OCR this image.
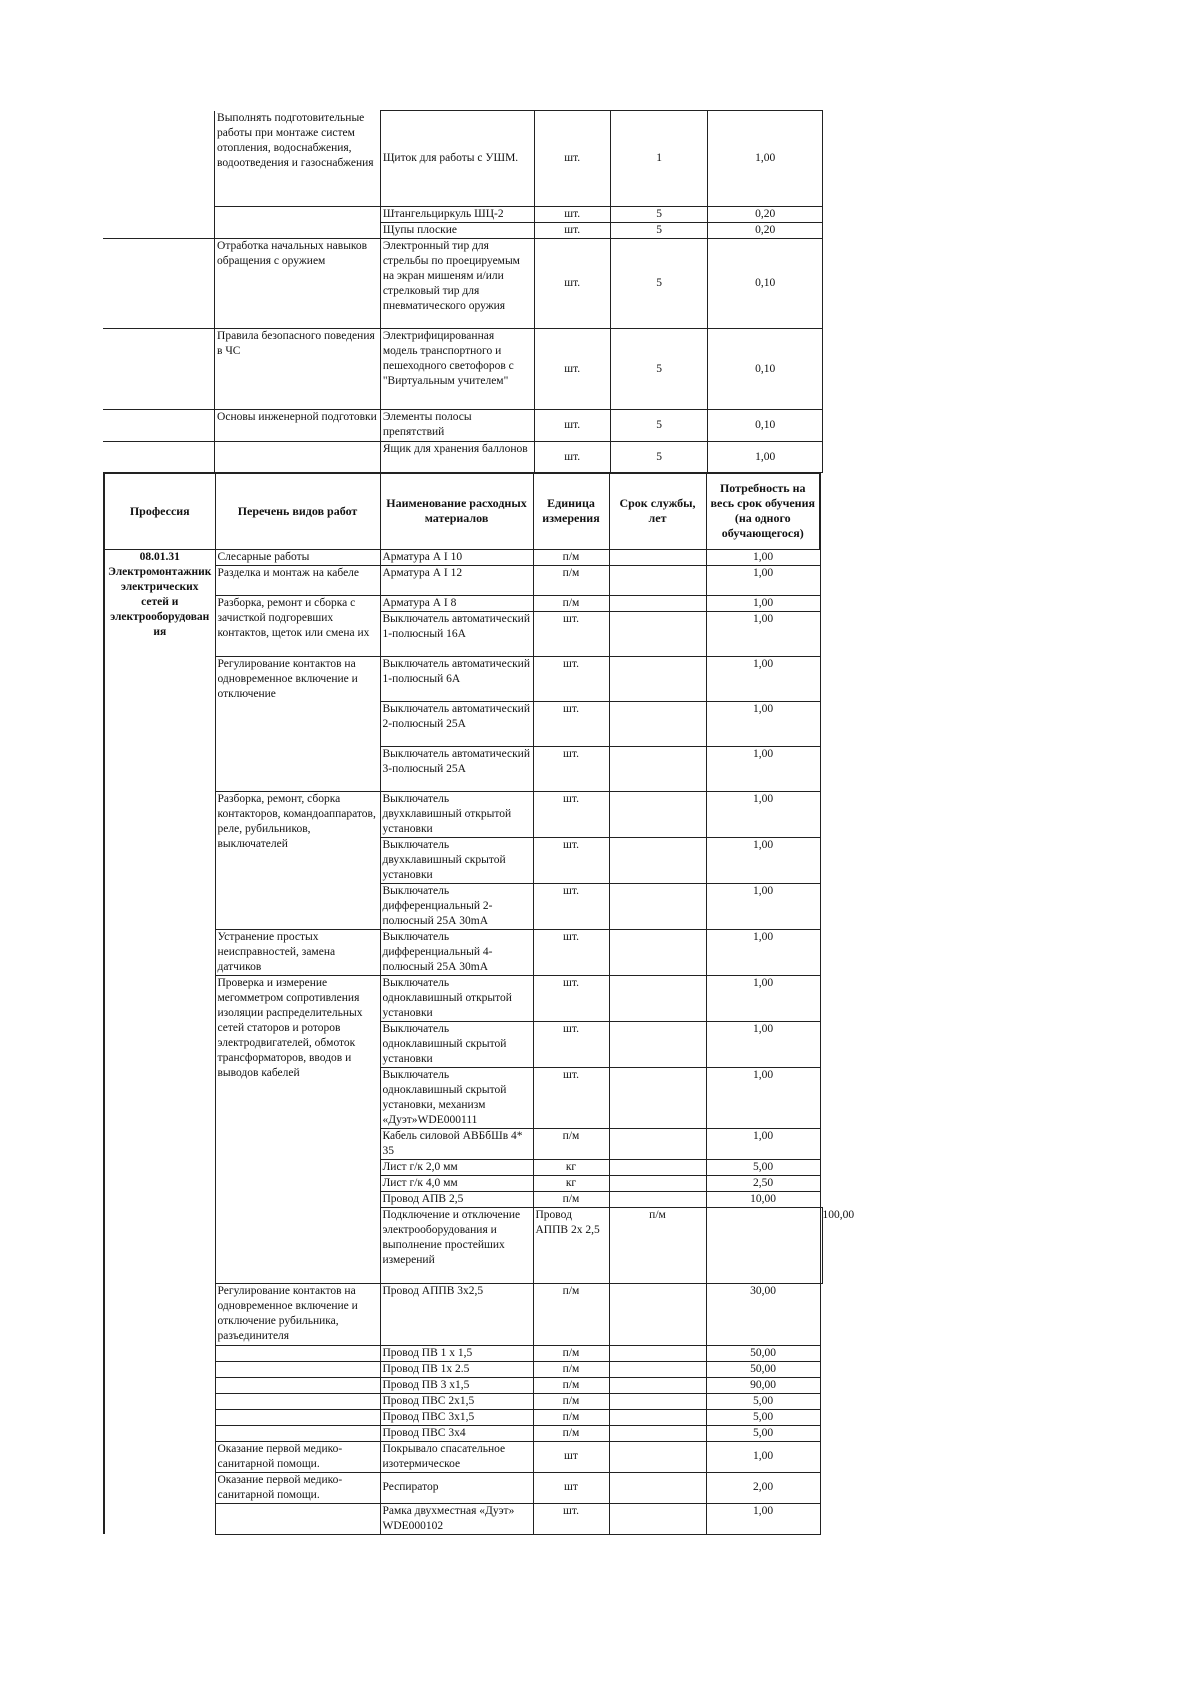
	Выполнять подготовительные работы при монтаже систем отопления, водоснабжения, водоотведения и газоснабжения	Щиток для работы с УШМ.	шт.	1	1,00
		Штангельциркуль ШЦ-2	шт.	5	0,20
		Щупы плоские	шт.	5	0,20
	Отработка начальных навыков обращения с оружием	Электронный тир для стрельбы по проецируемым на экран мишеням и/или стрелковый тир для пневматического оружия	шт.	5	0,10
	Правила безопасного поведения в ЧС	Электрифицированная модель транспортного и пешеходного светофоров с "Виртуальным учителем"	шт.	5	0,10
	Основы инженерной подготовки	Элементы полосы препятствий	шт.	5	0,10
		Ящик для хранения баллонов	шт.	5	1,00
Профессия	Перечень видов работ	Наименование расходных материалов	Единица измерения	Срок службы, лет	Потребность на весь срок обучения (на одного обучающегося)	
08.01.31 Электромонтажник электрических сетей и электрооборудован ия	Слесарные работы	Арматура А I 10	п/м		1,00	
	Разделка и монтаж на кабеле	Арматура А I 12	п/м		1,00	
	Разборка, ремонт и сборка с зачисткой подгоревших контактов, щеток или смена их	Арматура А I 8	п/м		1,00	
		Выключатель автоматический 1-полюсный 16А	шт.		1,00	
	Регулирование контактов на одновременное включение и отключение	Выключатель автоматический 1-полюсный 6А	шт.		1,00	
		Выключатель автоматический 2-полюсный 25А	шт.		1,00	
		Выключатель автоматический 3-полюсный 25А	шт.		1,00	
	Разборка, ремонт, сборка контакторов, командоаппаратов, реле, рубильников, выключателей	Выключатель двухклавишный открытой установки	шт.		1,00	
		Выключатель двухклавишный скрытой установки	шт.		1,00	
		Выключатель дифференциальный 2-полюсный 25А 30mA	шт.		1,00	
	Устранение простых неисправностей, замена датчиков	Выключатель дифференциальный 4-полюсный 25А 30mA	шт.		1,00	
	Проверка и измерение мегомметром сопротивления изоляции распределительных сетей статоров и роторов электродвигателей, обмоток трансформаторов, вводов и выводов кабелей	Выключатель одноклавишный открытой установки	шт.		1,00	
		Выключатель одноклавишный скрытой установки	шт.		1,00	
		Выключатель одноклавишный скрытой установки, механизм «Дуэт»WDE000111	шт.		1,00	
		Кабель силовой АВБбШв 4* 35	п/м		1,00	
		Лист г/к 2,0 мм	кг		5,00	
		Лист г/к 4,0 мм	кг		2,50	
		Провод АПВ 2,5	п/м		10,00	
		Подключение и отключение электрооборудования и выполнение простейших измерений	Провод АППВ 2х 2,5	п/м		100,00
	Регулирование контактов на одновременное включение и отключение рубильника, разъединителя	Провод АППВ 3х2,5	п/м		30,00	
		Провод ПВ 1 х 1,5	п/м		50,00	
		Провод ПВ 1х 2.5	п/м		50,00	
		Провод ПВ 3 х1,5	п/м		90,00	
		Провод ПВС 2х1,5	п/м		5,00	
		Провод ПВС 3х1,5	п/м		5,00	
		Провод ПВС 3х4	п/м		5,00	
	Оказание первой медико-санитарной помощи.	Покрывало спасательное изотермическое	шт		1,00	
	Оказание первой медико-санитарной помощи.	Респиратор	шт		2,00	
		Рамка двухместная «Дуэт» WDE000102	шт.		1,00	
